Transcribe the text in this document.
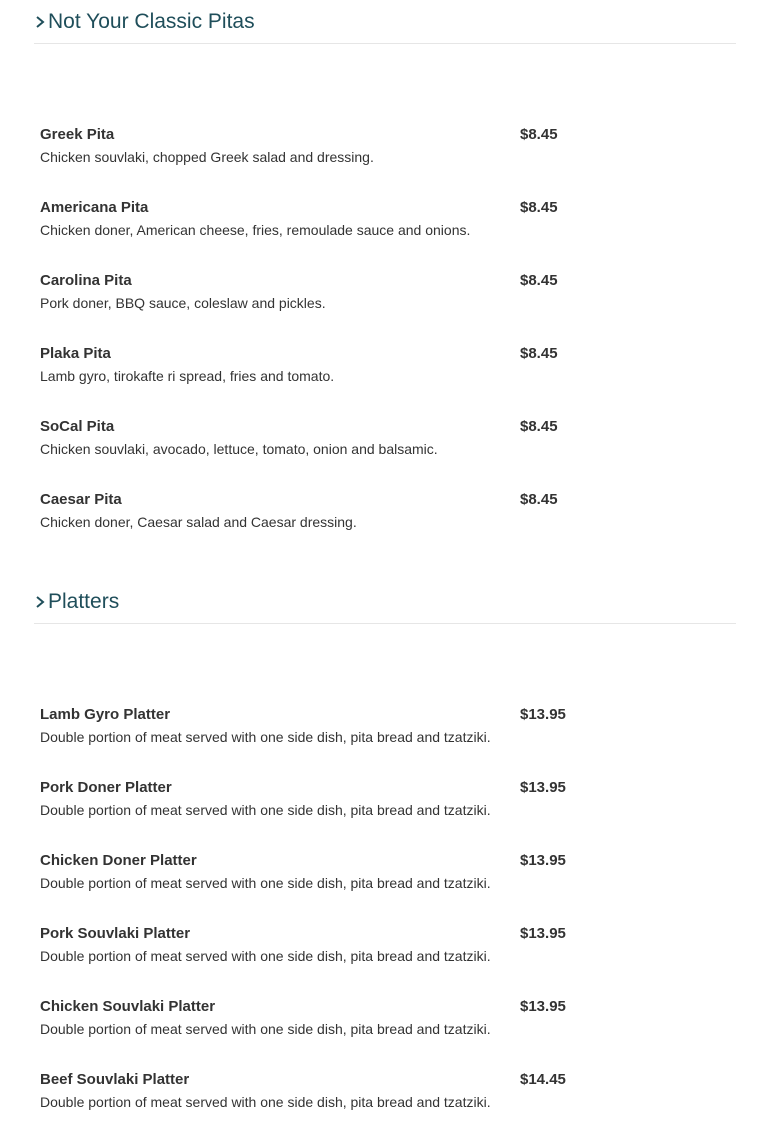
Not Your Classic Pitas
Greek Pita
Chicken souvlaki, chopped Greek salad and dressing.
$8.45
Americana Pita
Chicken doner, American cheese, fries, remoulade sauce and onions.
$8.45
Carolina Pita
Pork doner, BBQ sauce, coleslaw and pickles.
$8.45
Plaka Pita
Lamb gyro, tirokafte ri spread, fries and tomato.
$8.45
SoCal Pita
Chicken souvlaki, avocado, lettuce, tomato, onion and balsamic.
$8.45
Caesar Pita
Chicken doner, Caesar salad and Caesar dressing.
$8.45
Platters
Lamb Gyro Platter
Double portion of meat served with one side dish, pita bread and tzatziki.
$13.95
Pork Doner Platter
Double portion of meat served with one side dish, pita bread and tzatziki.
$13.95
Chicken Doner Platter
Double portion of meat served with one side dish, pita bread and tzatziki.
$13.95
Pork Souvlaki Platter
Double portion of meat served with one side dish, pita bread and tzatziki.
$13.95
Chicken Souvlaki Platter
Double portion of meat served with one side dish, pita bread and tzatziki.
$13.95
Beef Souvlaki Platter
Double portion of meat served with one side dish, pita bread and tzatziki.
$14.45
